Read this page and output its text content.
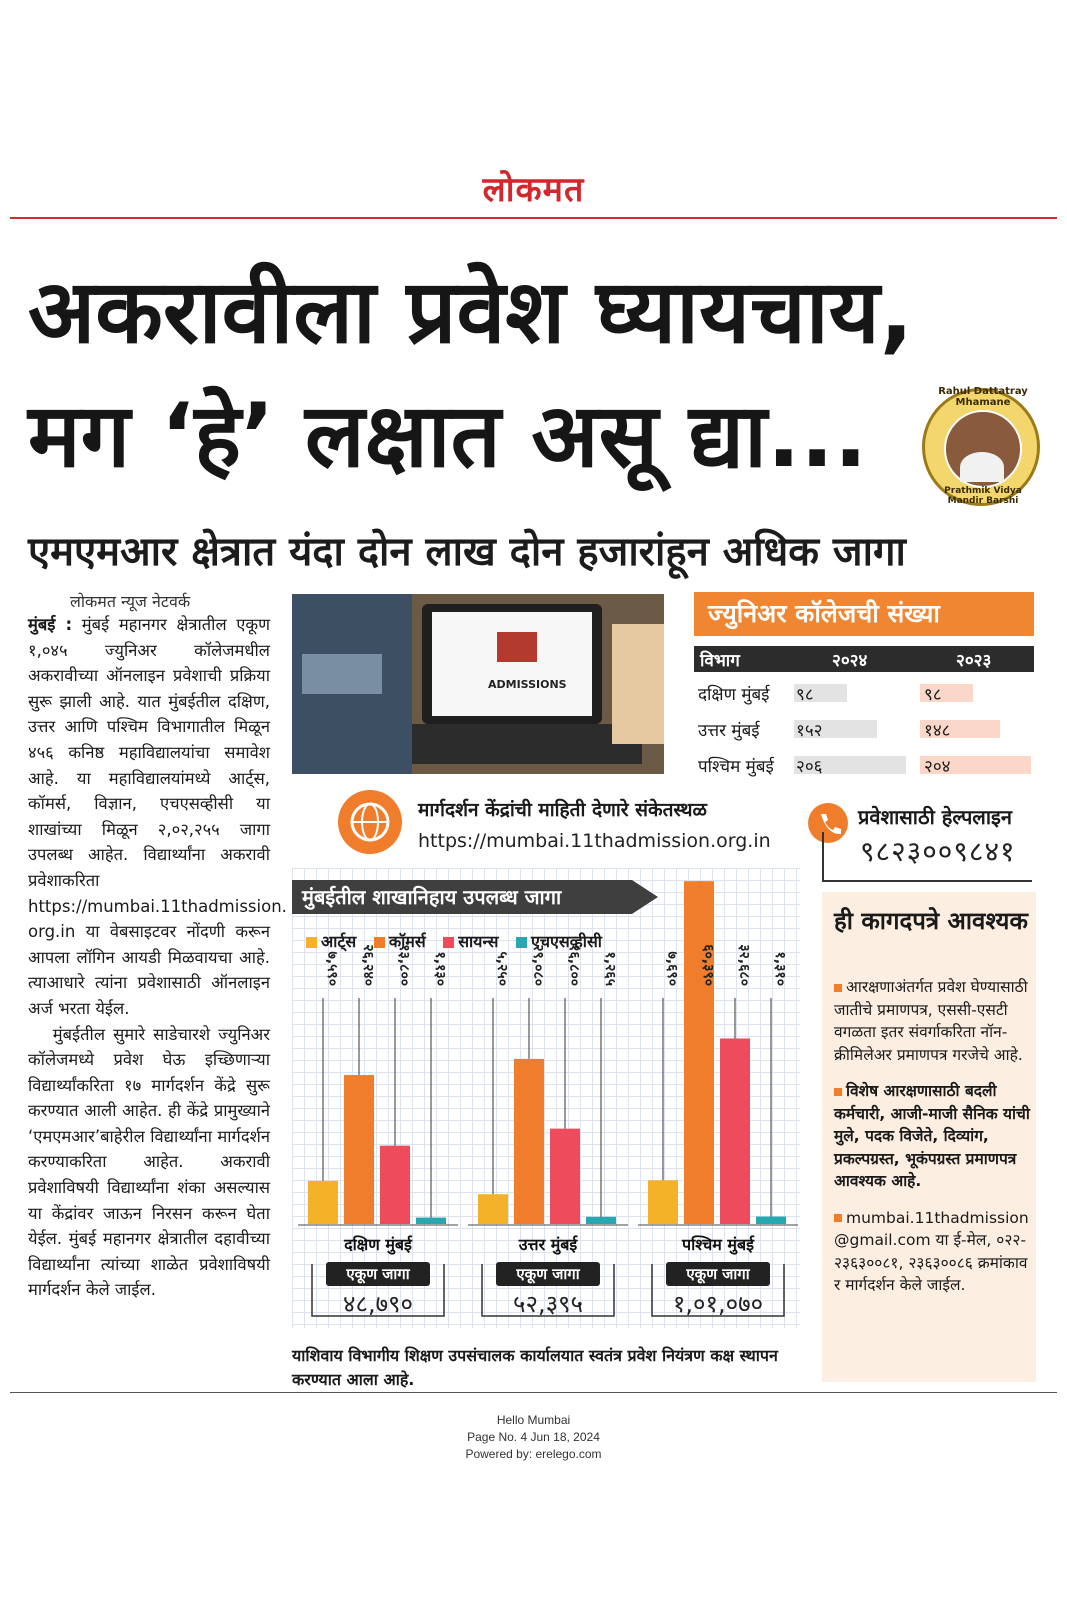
लोकमत
अकरावीला प्रवेश घ्यायचाय,
मग ‘हे’ लक्षात असू द्या...
एमएमआर क्षेत्रात यंदा दोन लाख दोन हजारांहून अधिक जागा
Rahul Dattatray Mhamane
Prathmik Vidya Mandir Barshi
लोकमत न्यूज नेटवर्क

मुंबई : मुंबई महानगर क्षेत्रातील एकूण १,०४५ ज्युनिअर कॉलेजमधील अकरावीच्या ऑनलाइन प्रवेशाची प्रक्रिया सुरू झाली आहे. यात मुंबईतील दक्षिण, उत्तर आणि पश्चिम विभागातील मिळून ४५६ कनिष्ठ महाविद्यालयांचा समावेश आहे. या महाविद्यालयांमध्ये आर्ट्स, कॉमर्स, विज्ञान, एचएसव्हीसी या शाखांच्या मिळून २,०२,२५५ जागा उपलब्ध आहेत. विद्यार्थ्यांना अकरावी प्रवेशाकरिता https://mumbai.11thadmission. org.in या वेबसाइटवर नोंदणी करून आपला लॉगिन आयडी मिळवायचा आहे. त्याआधारे त्यांना प्रवेशासाठी ऑनलाइन अर्ज भरता येईल.

मुंबईतील सुमारे साडेचारशे ज्युनिअर कॉलेजमध्ये प्रवेश घेऊ इच्छिणाऱ्या विद्यार्थ्यांकरिता १७ मार्गदर्शन केंद्रे सुरू करण्यात आली आहेत. ही केंद्रे प्रामुख्याने ‘एमएमआर’बाहेरील विद्यार्थ्यांना मार्गदर्शन करण्याकरिता आहेत. अकरावी प्रवेशाविषयी विद्यार्थ्यांना शंका असल्यास या केंद्रांवर जाऊन निरसन करून घेता येईल. मुंबई महानगर क्षेत्रातील दहावीच्या विद्यार्थ्यांना त्यांच्या शाळेत प्रवेशाविषयी मार्गदर्शन केले जाईल.

ADMISSIONS
ज्युनिअर कॉलेजची संख्या
विभाग	२०२४	२०२३
दक्षिण मुंबई ९८	९८
उत्तर मुंबई १५२	१४८
पश्चिम मुंबई २०६	२०४
मार्गदर्शन केंद्रांची माहिती देणारे संकेतस्थळ
https://mumbai.11thadmission.org.in
प्रवेशासाठी हेल्पलाइन
९८२३००९८४१
मुंबईतील शाखानिहाय उपलब्ध जागा
आर्ट्स कॉमर्स सायन्स एचएसव्हीसी
७,५९० २६,२४० १३,८०० १,१३०
दक्षिण मुंबई
एकूण जागा
४८,७९०
५,२५० २९,०८० १६,८०० १,२६५
उत्तर मुंबई
एकूण जागा
५२,३९५
७,६९० ६०,३९० ३२,६८० १,३१०
पश्चिम मुंबई
एकूण जागा
१,०१,०७०
ही कागदपत्रे आवश्यक

आरक्षणाअंतर्गत प्रवेश घेण्यासाठी जातीचे प्रमाणपत्र, एससी-एसटी वगळता इतर संवर्गाकरिता नॉन-क्रीमिलेअर प्रमाणपत्र गरजेचे आहे.

विशेष आरक्षणासाठी बदली कर्मचारी, आजी-माजी सैनिक यांची मुले, पदक विजेते, दिव्यांग, प्रकल्पग्रस्त, भूकंपग्रस्त प्रमाणपत्र आवश्यक आहे.

mumbai.11thadmission@gmail.com या ई-मेल, ०२२-२३६३००८१, २३६३००८६ क्रमांकावर मार्गदर्शन केले जाईल.

याशिवाय विभागीय शिक्षण उपसंचालक कार्यालयात स्वतंत्र प्रवेश नियंत्रण कक्ष स्थापन करण्यात आला आहे.
Hello Mumbai
Page No. 4 Jun 18, 2024
Powered by: erelego.com
